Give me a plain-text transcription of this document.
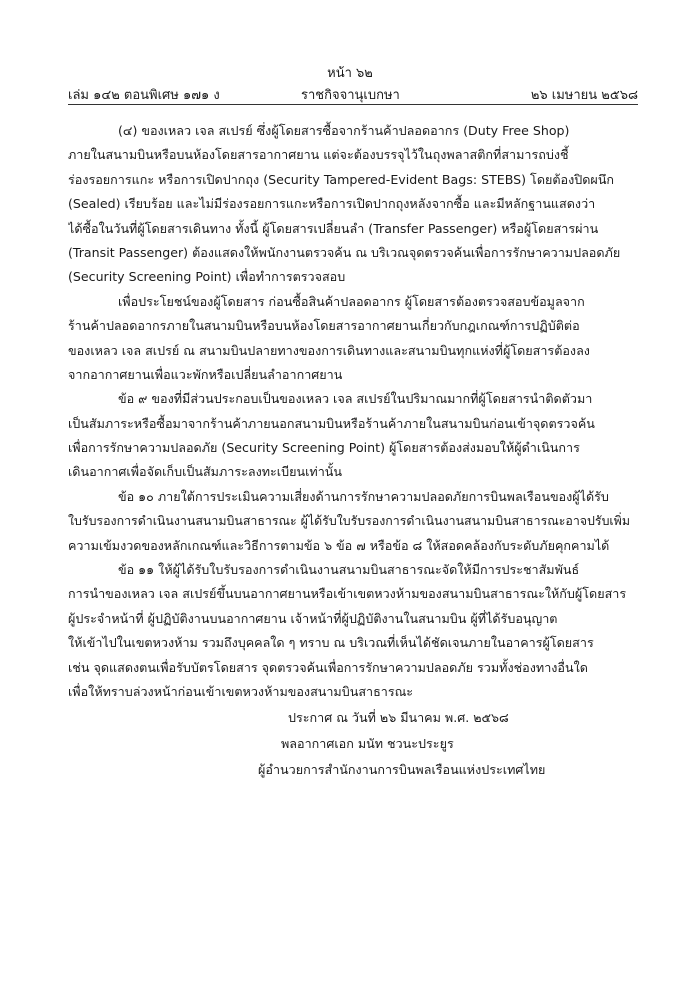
หน้า ๖๒
เล่ม ๑๔๒ ตอนพิเศษ ๑๗๑ ง	ราชกิจจานุเบกษา	๒๖ เมษายน ๒๕๖๘
(๔) ของเหลว เจล สเปรย์ ซึ่งผู้โดยสารซื้อจากร้านค้าปลอดอากร (Duty Free Shop)
ภายในสนามบินหรือบนห้องโดยสารอากาศยาน แต่จะต้องบรรจุไว้ในถุงพลาสติกที่สามารถบ่งชี้
ร่องรอยการแกะ หรือการเปิดปากถุง (Security Tampered-Evident Bags: STEBS) โดยต้องปิดผนึก
(Sealed) เรียบร้อย และไม่มีร่องรอยการแกะหรือการเปิดปากถุงหลังจากซื้อ และมีหลักฐานแสดงว่า
ได้ซื้อในวันที่ผู้โดยสารเดินทาง ทั้งนี้ ผู้โดยสารเปลี่ยนลำ (Transfer Passenger) หรือผู้โดยสารผ่าน
(Transit Passenger) ต้องแสดงให้พนักงานตรวจค้น ณ บริเวณจุดตรวจค้นเพื่อการรักษาความปลอดภัย
(Security Screening Point) เพื่อทำการตรวจสอบ
เพื่อประโยชน์ของผู้โดยสาร ก่อนซื้อสินค้าปลอดอากร ผู้โดยสารต้องตรวจสอบข้อมูลจาก
ร้านค้าปลอดอากรภายในสนามบินหรือบนห้องโดยสารอากาศยานเกี่ยวกับกฎเกณฑ์การปฏิบัติต่อ
ของเหลว เจล สเปรย์ ณ สนามบินปลายทางของการเดินทางและสนามบินทุกแห่งที่ผู้โดยสารต้องลง
จากอากาศยานเพื่อแวะพักหรือเปลี่ยนลำอากาศยาน
ข้อ ๙ ของที่มีส่วนประกอบเป็นของเหลว เจล สเปรย์ในปริมาณมากที่ผู้โดยสารนำติดตัวมา
เป็นสัมภาระหรือซื้อมาจากร้านค้าภายนอกสนามบินหรือร้านค้าภายในสนามบินก่อนเข้าจุดตรวจค้น
เพื่อการรักษาความปลอดภัย (Security Screening Point) ผู้โดยสารต้องส่งมอบให้ผู้ดำเนินการ
เดินอากาศเพื่อจัดเก็บเป็นสัมภาระลงทะเบียนเท่านั้น
ข้อ ๑๐ ภายใต้การประเมินความเสี่ยงด้านการรักษาความปลอดภัยการบินพลเรือนของผู้ได้รับ
ใบรับรองการดำเนินงานสนามบินสาธารณะ ผู้ได้รับใบรับรองการดำเนินงานสนามบินสาธารณะอาจปรับเพิ่ม
ความเข้มงวดของหลักเกณฑ์และวิธีการตามข้อ ๖ ข้อ ๗ หรือข้อ ๘ ให้สอดคล้องกับระดับภัยคุกคามได้
ข้อ ๑๑ ให้ผู้ได้รับใบรับรองการดำเนินงานสนามบินสาธารณะจัดให้มีการประชาสัมพันธ์
การนำของเหลว เจล สเปรย์ขึ้นบนอากาศยานหรือเข้าเขตหวงห้ามของสนามบินสาธารณะให้กับผู้โดยสาร
ผู้ประจำหน้าที่ ผู้ปฏิบัติงานบนอากาศยาน เจ้าหน้าที่ผู้ปฏิบัติงานในสนามบิน ผู้ที่ได้รับอนุญาต
ให้เข้าไปในเขตหวงห้าม รวมถึงบุคคลใด ๆ ทราบ ณ บริเวณที่เห็นได้ชัดเจนภายในอาคารผู้โดยสาร
เช่น จุดแสดงตนเพื่อรับบัตรโดยสาร จุดตรวจค้นเพื่อการรักษาความปลอดภัย รวมทั้งช่องทางอื่นใด
เพื่อให้ทราบล่วงหน้าก่อนเข้าเขตหวงห้ามของสนามบินสาธารณะ
ประกาศ ณ วันที่ ๒๖ มีนาคม พ.ศ. ๒๕๖๘
พลอากาศเอก มนัท ชวนะประยูร
ผู้อำนวยการสำนักงานการบินพลเรือนแห่งประเทศไทย
